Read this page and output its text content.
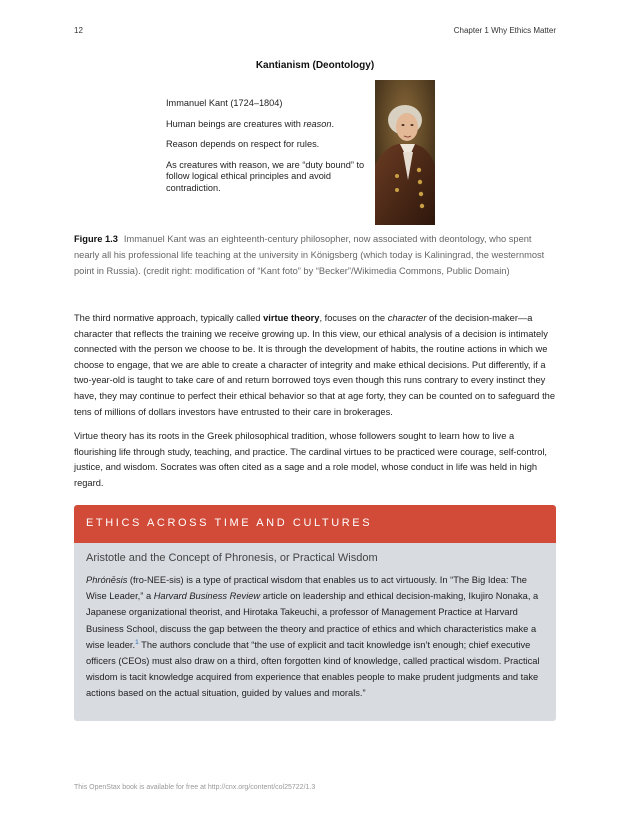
12	Chapter 1 Why Ethics Matter
Kantianism (Deontology)

Immanuel Kant (1724–1804)

Human beings are creatures with reason.

Reason depends on respect for rules.

As creatures with reason, we are “duty bound” to follow logical ethical principles and avoid contradiction.

Figure 1.3 Immanuel Kant was an eighteenth-century philosopher, now associated with deontology, who spent nearly all his professional life teaching at the university in Königsberg (which today is Kaliningrad, the westernmost point in Russia). (credit right: modification of “Kant foto” by “Becker”/Wikimedia Commons, Public Domain)
The third normative approach, typically called virtue theory, focuses on the character of the decision-maker—a character that reflects the training we receive growing up. In this view, our ethical analysis of a decision is intimately connected with the person we choose to be. It is through the development of habits, the routine actions in which we choose to engage, that we are able to create a character of integrity and make ethical decisions. Put differently, if a two-year-old is taught to take care of and return borrowed toys even though this runs contrary to every instinct they have, they may continue to perfect their ethical behavior so that at age forty, they can be counted on to safeguard the tens of millions of dollars investors have entrusted to their care in brokerages.
Virtue theory has its roots in the Greek philosophical tradition, whose followers sought to learn how to live a flourishing life through study, teaching, and practice. The cardinal virtues to be practiced were courage, self-control, justice, and wisdom. Socrates was often cited as a sage and a role model, whose conduct in life was held in high regard.
ETHICS ACROSS TIME AND CULTURES
Aristotle and the Concept of Phronesis, or Practical Wisdom
Phrónēsis (fro-NEE-sis) is a type of practical wisdom that enables us to act virtuously. In “The Big Idea: The Wise Leader,” a Harvard Business Review article on leadership and ethical decision-making, Ikujiro Nonaka, a Japanese organizational theorist, and Hirotaka Takeuchi, a professor of Management Practice at Harvard Business School, discuss the gap between the theory and practice of ethics and which characteristics make a wise leader.$^1$ The authors conclude that “the use of explicit and tacit knowledge isn’t enough; chief executive officers (CEOs) must also draw on a third, often forgotten kind of knowledge, called practical wisdom. Practical wisdom is tacit knowledge acquired from experience that enables people to make prudent judgments and take actions based on the actual situation, guided by values and morals.”
This OpenStax book is available for free at http://cnx.org/content/col25722/1.3
